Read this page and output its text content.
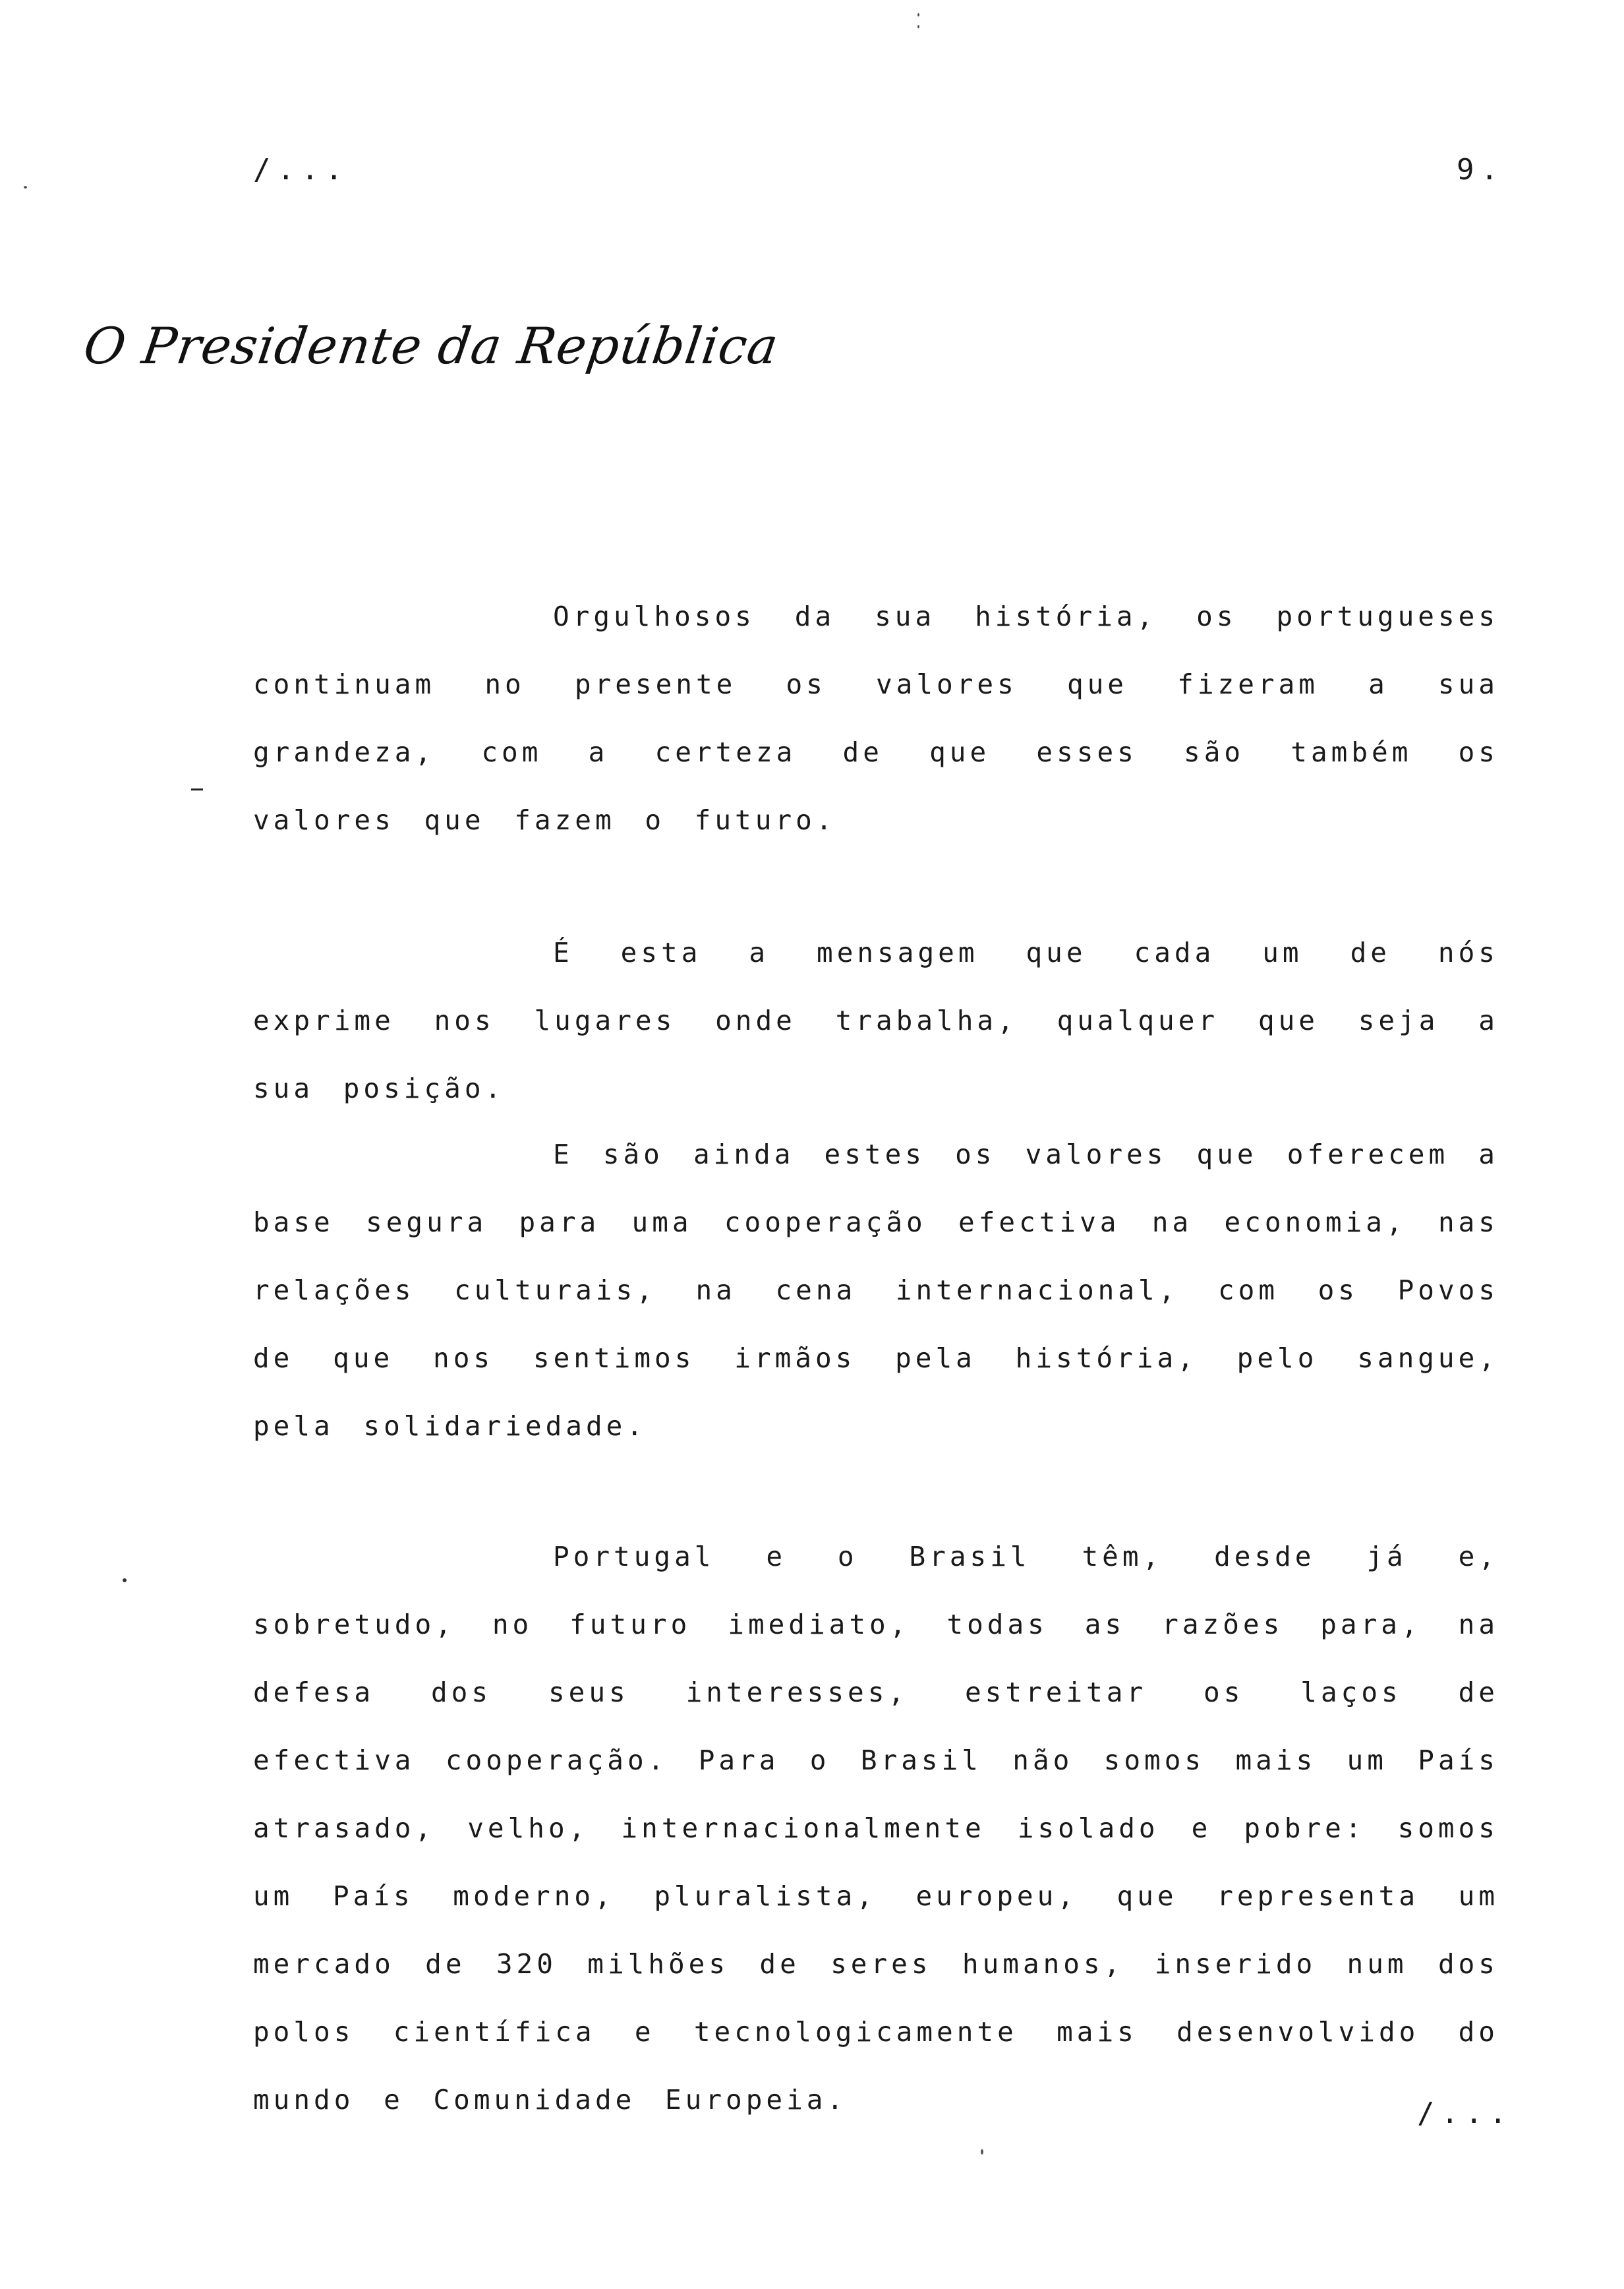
/...	9.
O Presidente da República

Orgulhosos da sua história, os portugueses continuam no presente os valores que fizeram a sua grandeza, com a certeza de que esses são também os valores que fazem o futuro.

É esta a mensagem que cada um de nós exprime nos lugares onde trabalha, qualquer que seja a sua posição.

E são ainda estes os valores que oferecem a base segura para uma cooperação efectiva na economia, nas relações culturais, na cena internacional, com os Povos de que nos sentimos irmãos pela história, pelo sangue, pela solidariedade.

Portugal e o Brasil têm, desde já e, sobretudo, no futuro imediato, todas as razões para, na defesa dos seus interesses, estreitar os laços de efectiva cooperação. Para o Brasil não somos mais um País atrasado, velho, internacionalmente isolado e pobre: somos um País moderno, pluralista, europeu, que representa um mercado de 320 milhões de seres humanos, inserido num dos polos científica e tecnologicamente mais desenvolvido do mundo e Comunidade Europeia.	/...
